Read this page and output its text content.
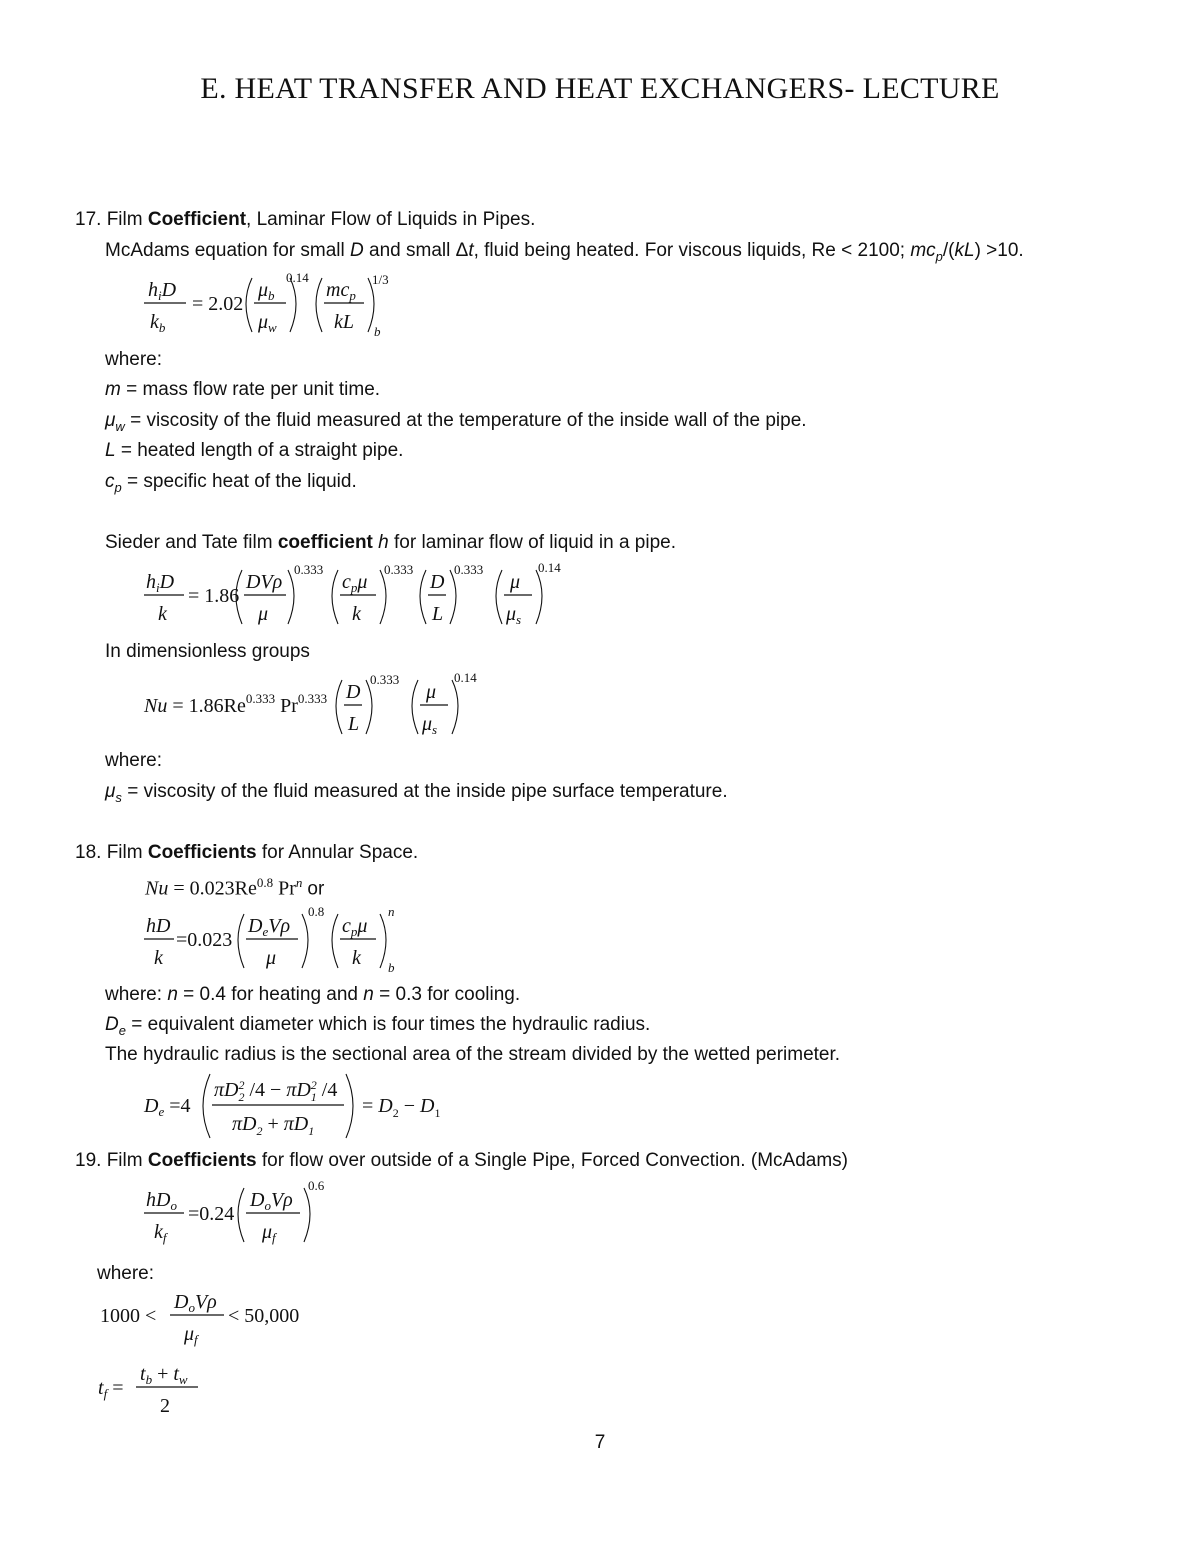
E. HEAT TRANSFER AND HEAT EXCHANGERS- LECTURE
17. Film Coefficient, Laminar Flow of Liquids in Pipes.
McAdams equation for small D and small Δt, fluid being heated. For viscous liquids, Re < 2100; $mc_p/(kL) >10$.
$h_iD$
$k_b$
= 2.02
$\mu_b$
$\mu_w$
0.14
$mc_p$
kL
1/3
b
where:
m = mass flow rate per unit time.
$\mu_w$ = viscosity of the fluid measured at the temperature of the inside wall of the pipe.
L = heated length of a straight pipe.
$c_p$ = specific heat of the liquid.
Sieder and Tate film coefficient h for laminar flow of liquid in a pipe.
$h_iD$
k
= 1.86
DVρ
μ
0.333
$c_p\mu$
k
0.333
D
L
0.333
μ
$\mu_s$
0.14
In dimensionless groups
$Nu = 1.86Re^{0.333}$ $Pr^{0.333}$ D
L
0.333
μ
$\mu_s$
0.14
where:
$\mu_s$ = viscosity of the fluid measured at the inside pipe surface temperature.
18. Film Coefficients for Annular Space.
$Nu = 0.023Re^{0.8}$ Pr$^n$ or
hD
k
=0.023
$D_eV\rho$
μ
0.8
$c_p\mu$
k
n
b
where: n = 0.4 for heating and n = 0.3 for cooling.
$D_e$ = equivalent diameter which is four times the hydraulic radius.
The hydraulic radius is the sectional area of the stream divided by the wetted perimeter.
$D_e =4$
$\pi D_22$ $/4 - \pi D_12$ /4
$\pi D_2 + \pi D_1$
= $D_2 - D_1$
19. Film Coefficients for flow over outside of a Single Pipe, Forced Convection. (McAdams)
$hD_o$
$k_f$
=0.24
$D_oV\rho$
$\mu_f$
0.6
where:
1000 <
$D_oV\rho$
$\mu_f$
< 50,000
$t_f$ =
$t_b + t_w$
2
7
